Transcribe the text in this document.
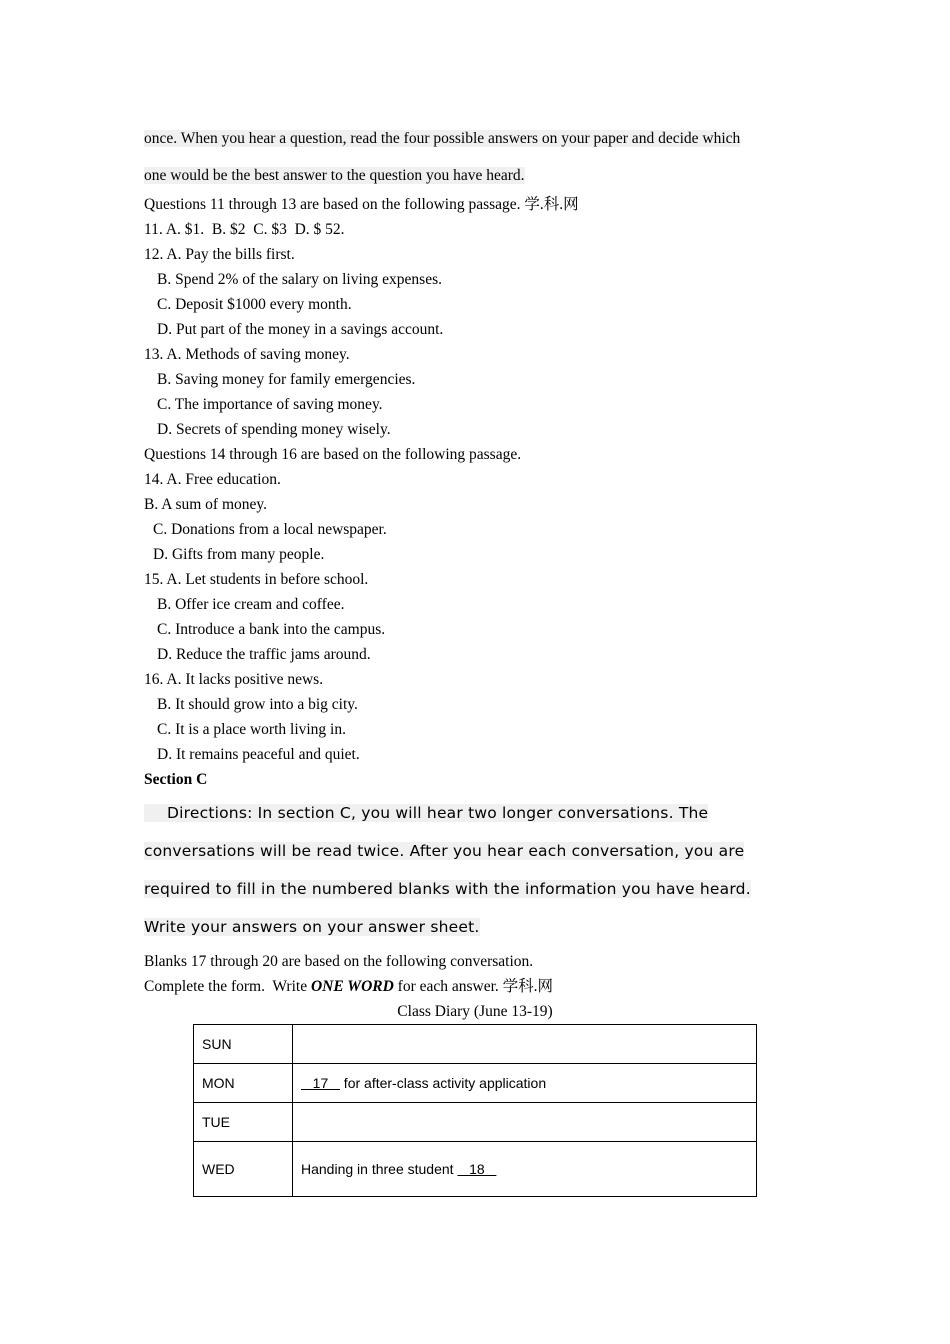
once. When you hear a question, read the four possible answers on your paper and decide which
one would be the best answer to the question you have heard.
Questions 11 through 13 are based on the following passage. 学.科.网
11. A. $1.  B. $2  C. $3  D. $ 52.
12. A. Pay the bills first.
B. Spend 2% of the salary on living expenses.
C. Deposit $1000 every month.
D. Put part of the money in a savings account.
13. A. Methods of saving money.
B. Saving money for family emergencies.
C. The importance of saving money.
D. Secrets of spending money wisely.
Questions 14 through 16 are based on the following passage.
14. A. Free education.
B. A sum of money.
C. Donations from a local newspaper.
D. Gifts from many people.
15. A. Let students in before school.
B. Offer ice cream and coffee.
C. Introduce a bank into the campus.
D. Reduce the traffic jams around.
16. A. It lacks positive news.
B. It should grow into a big city.
C. It is a place worth living in.
D. It remains peaceful and quiet.
Section C
Directions: In section C, you will hear two longer conversations. The
conversations will be read twice. After you hear each conversation, you are
required to fill in the numbered blanks with the information you have heard.
Write your answers on your answer sheet.
Blanks 17 through 20 are based on the following conversation.
Complete the form.  Write ONE WORD for each answer. 学科.网
Class Diary (June 13-19)
SUN	
MON	17    for after-class activity application
TUE	
WED	Handing in three student    18
